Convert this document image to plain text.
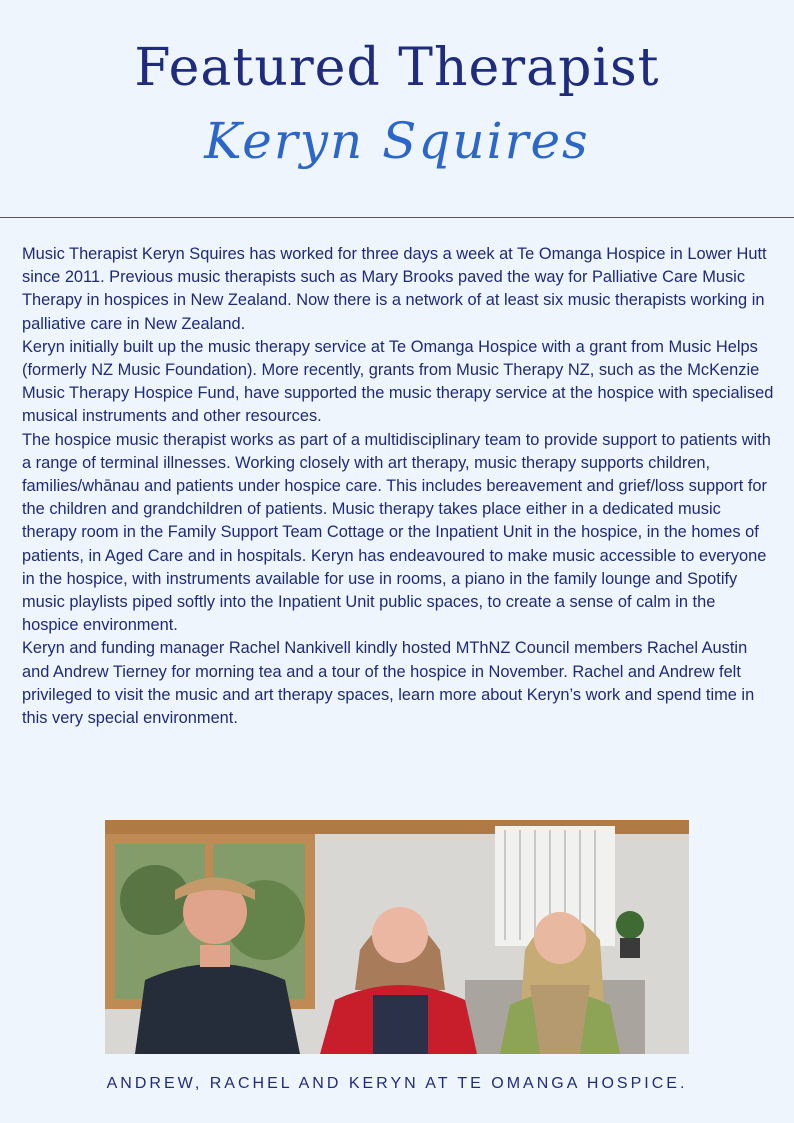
Featured Therapist
Keryn Squires

Music Therapist Keryn Squires has worked for three days a week at Te Omanga Hospice in Lower Hutt since 2011. Previous music therapists such as Mary Brooks paved the way for Palliative Care Music Therapy in hospices in New Zealand. Now there is a network of at least six music therapists working in palliative care in New Zealand.

Keryn initially built up the music therapy service at Te Omanga Hospice with a grant from Music Helps (formerly NZ Music Foundation). More recently, grants from Music Therapy NZ, such as the McKenzie Music Therapy Hospice Fund, have supported the music therapy service at the hospice with specialised musical instruments and other resources.

The hospice music therapist works as part of a multidisciplinary team to provide support to patients with a range of terminal illnesses. Working closely with art therapy, music therapy supports children, families/whānau and patients under hospice care. This includes bereavement and grief/loss support for the children and grandchildren of patients. Music therapy takes place either in a dedicated music therapy room in the Family Support Team Cottage or the Inpatient Unit in the hospice, in the homes of patients, in Aged Care and in hospitals. Keryn has endeavoured to make music accessible to everyone in the hospice, with instruments available for use in rooms, a piano in the family lounge and Spotify music playlists piped softly into the Inpatient Unit public spaces, to create a sense of calm in the hospice environment.

Keryn and funding manager Rachel Nankivell kindly hosted MThNZ Council members Rachel Austin and Andrew Tierney for morning tea and a tour of the hospice in November. Rachel and Andrew felt privileged to visit the music and art therapy spaces, learn more about Keryn’s work and spend time in this very special environment.

ANDREW, RACHEL AND KERYN AT TE OMANGA HOSPICE.
